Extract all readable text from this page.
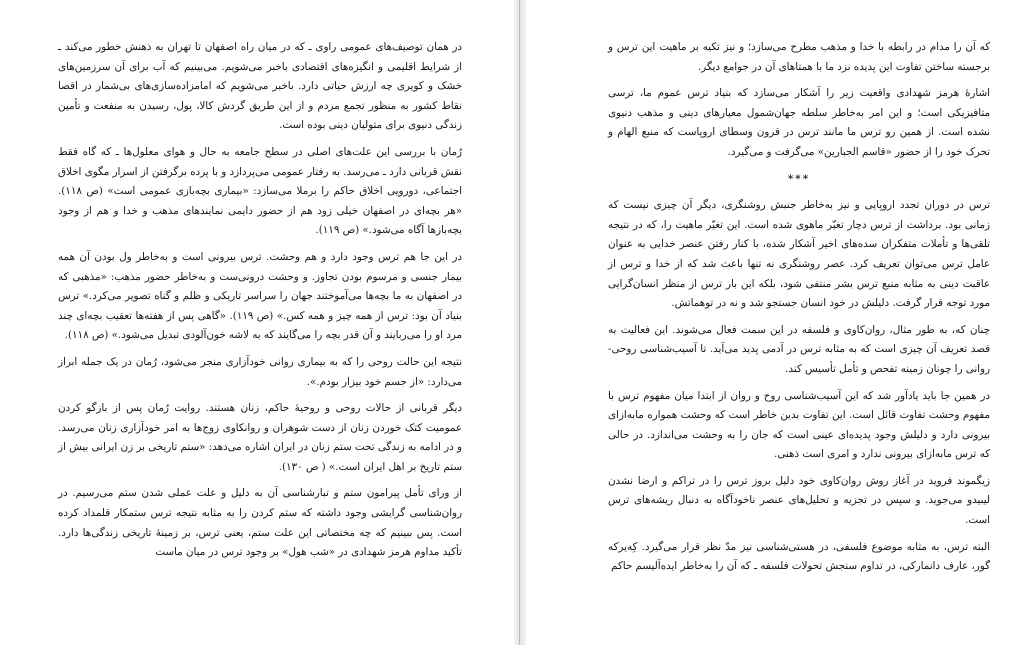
در همان توصیف‌های عمومی راوی ـ که در میان راه اصفهان تا تهران به ذهنش خطور می‌کند ـ از شرایط اقلیمی و انگیزه‌های اقتصادی باخبر می‌شویم. می‌بینیم که آب برای آن سرزمین‌های خشک و کویری چه ارزش حیاتی دارد. باخبر می‌شویم که امامزاده‌سازی‌های بی‌شمار در اقصا نقاط کشور به منظور تجمع مردم و از این طریق گردش کالا، پول، رسیدن به منفعت و تأمین زندگی دنیوی برای متولیان دینی بوده است.

رُمان با بررسی این علت‌های اصلی در سطح جامعه به حال و هوای معلول‌ها ـ که گاه فقط نقش قربانی دارد ـ می‌رسد. به رفتار عمومی می‌پردازد و با پرده برگرفتن از اسرار مگوی اخلاق اجتماعی، دورویی اخلاق حاکم را برملا می‌سازد: «بیماری بچه‌بازی عمومی است» (ص ۱۱۸). «هر بچه‌ای در اصفهان خیلی زود هم از حضور دایمی نمایندهای مذهب و خدا و هم از وجود بچه‌بازها آگاه می‌شود.» (ص ۱۱۹).

در این جا هم ترس وجود دارد و هم وحشت. ترس بیرونی است و به‌خاطر ول بودن آن همه بیمار جنسی و مرسوم بودن تجاوز. و وحشت درونی‌ست و به‌خاطر حضور مذهب: «مذهبی که در اصفهان به ما بچه‌ها می‌آموختند جهان را سراسر تاریکی و ظلم و گناه تصویر می‌کرد.» ترس بنیاد آن بود: ترس از همه چیز و همه کس.» (ص ۱۱۹). «گاهی پس از هفته‌ها تعقیب بچه‌ای چند مرد او را می‌ربایند و آن قدر بچه را می‌گایند که به لاشه خون‌آلودی تبدیل می‌شود.» (ص ۱۱۸).

نتیجه این حالت روحی را که به بیماری روانی خودآزاری منجر می‌شود، رُمان در یک جمله ابراز می‌دارد: «از جسم خود بیزار بودم.».

دیگر قربانی از حالات روحی و روحیهٔ حاکم، زنان هستند. روایت رُمان پس از بازگو کردن عمومیت کتک خوردن زنان از دست شوهران و روانکاوی زوج‌ها به امر خودآزاری زنان می‌رسد. و در ادامه به زندگی تحت ستم زنان در ایران اشاره می‌دهد: «ستم تاریخی بر زن ایرانی بیش از ستم تاریخ بر اهل ایران است.» ( ص ۱۳۰).

از ورای تأمل پیرامون ستم و تبارشناسی آن به دلیل و علت عملی شدن ستم می‌رسیم. در روان‌شناسی گرایشی وجود داشته که ستم کردن را به مثابه نتیجه ترس ستمکار قلمداد کرده است. پس ببینیم که چه مختصاتی این علت ستم، یعنی ترس، بر زمینهٔ تاریخی زندگی‌ها دارد. تأکید مداوم هرمز شهدادی در «شب هول» بر وجود ترس در میان ماست

که آن را مدام در رابطه با خدا و مذهب مطرح می‌سازد؛ و نیز تکیه بر ماهیت این ترس و برجسته ساختن تفاوت این پدیده نزد ما با همتاهای آن در جوامع دیگر.

اشارهٔ هرمز شهدادی واقعیت زیر را آشکار می‌سازد که بنیاد ترس عموم ما، ترسی متافیزیکی است؛ و این امر به‌خاطر سلطه جهان‌شمول معیارهای دینی و مذهب دنیوی نشده است. از همین رو ترس ما مانند ترس در قرون وسطای اروپاست که منبع الهام و تحرک خود را از حضور «قاسم الجبارین» می‌گرفت و می‌گیرد.

***

ترس در دوران تجدد اروپایی و نیز به‌خاطر جنبش روشنگری، دیگر آن چیزی نیست که زمانی بود. برداشت از ترس دچار تغیّر ماهوی شده است. این تغیّر ماهیت را، که در نتیجه تلقی‌ها و تأملات متفکران سده‌های اخیر آشکار شده، با کنار رفتن عنصر خدایی به عنوان عامل ترس می‌توان تعریف کرد. عصر روشنگری نه تنها باعث شد که از خدا و ترس از عاقبت دینی به مثابه منبع ترس بشر منتفی شود، بلکه این بار ترس از منظر انسان‌گرایی مورد توجه قرار گرفت. دلیلش در خود انسان جستجو شد و نه در توهماتش.

چنان که، به طور مثال، روان‌کاوی و فلسفه در این سمت فعال می‌شوند. این فعالیت به قصد تعریف آن چیزی است که به مثابه ترس در آدمی پدید می‌آید. تا آسیب‌شناسی روحی- روانی را چونان زمینه تفحص و تأمل تأسیس کند.

در همین جا باید یادآور شد که این آسیب‌شناسی روح و روان از ابتدا میان مفهوم ترس با مفهوم وحشت تفاوت قائل است. این تفاوت بدین خاطر است که وحشت همواره مابه‌ازای بیرونی دارد و دلیلش وجود پدیده‌ای عینی است که جان را به وحشت می‌اندازد. در حالی که ترس مابه‌ازای بیرونی ندارد و امری است ذهنی.

زیگموند فروید در آغاز روش روان‌کاوی خود دلیل بروز ترس را در تراکم و ارضا نشدن لیبیدو می‌جوید. و سپس در تجزیه و تحلیل‌های عنصر ناخودآگاه به دنبال ریشه‌های ترس است.

البته ترس، به مثابه موضوع فلسفی، در هستی‌شناسی نیز مدّ نظر قرار می‌گیرد. کِه‌یرکه گور، عارف دانمارکی، در تداوم سنجش تحولات فلسفه ـ که آن را به‌خاطر ایده‌آلیسم حاکم
